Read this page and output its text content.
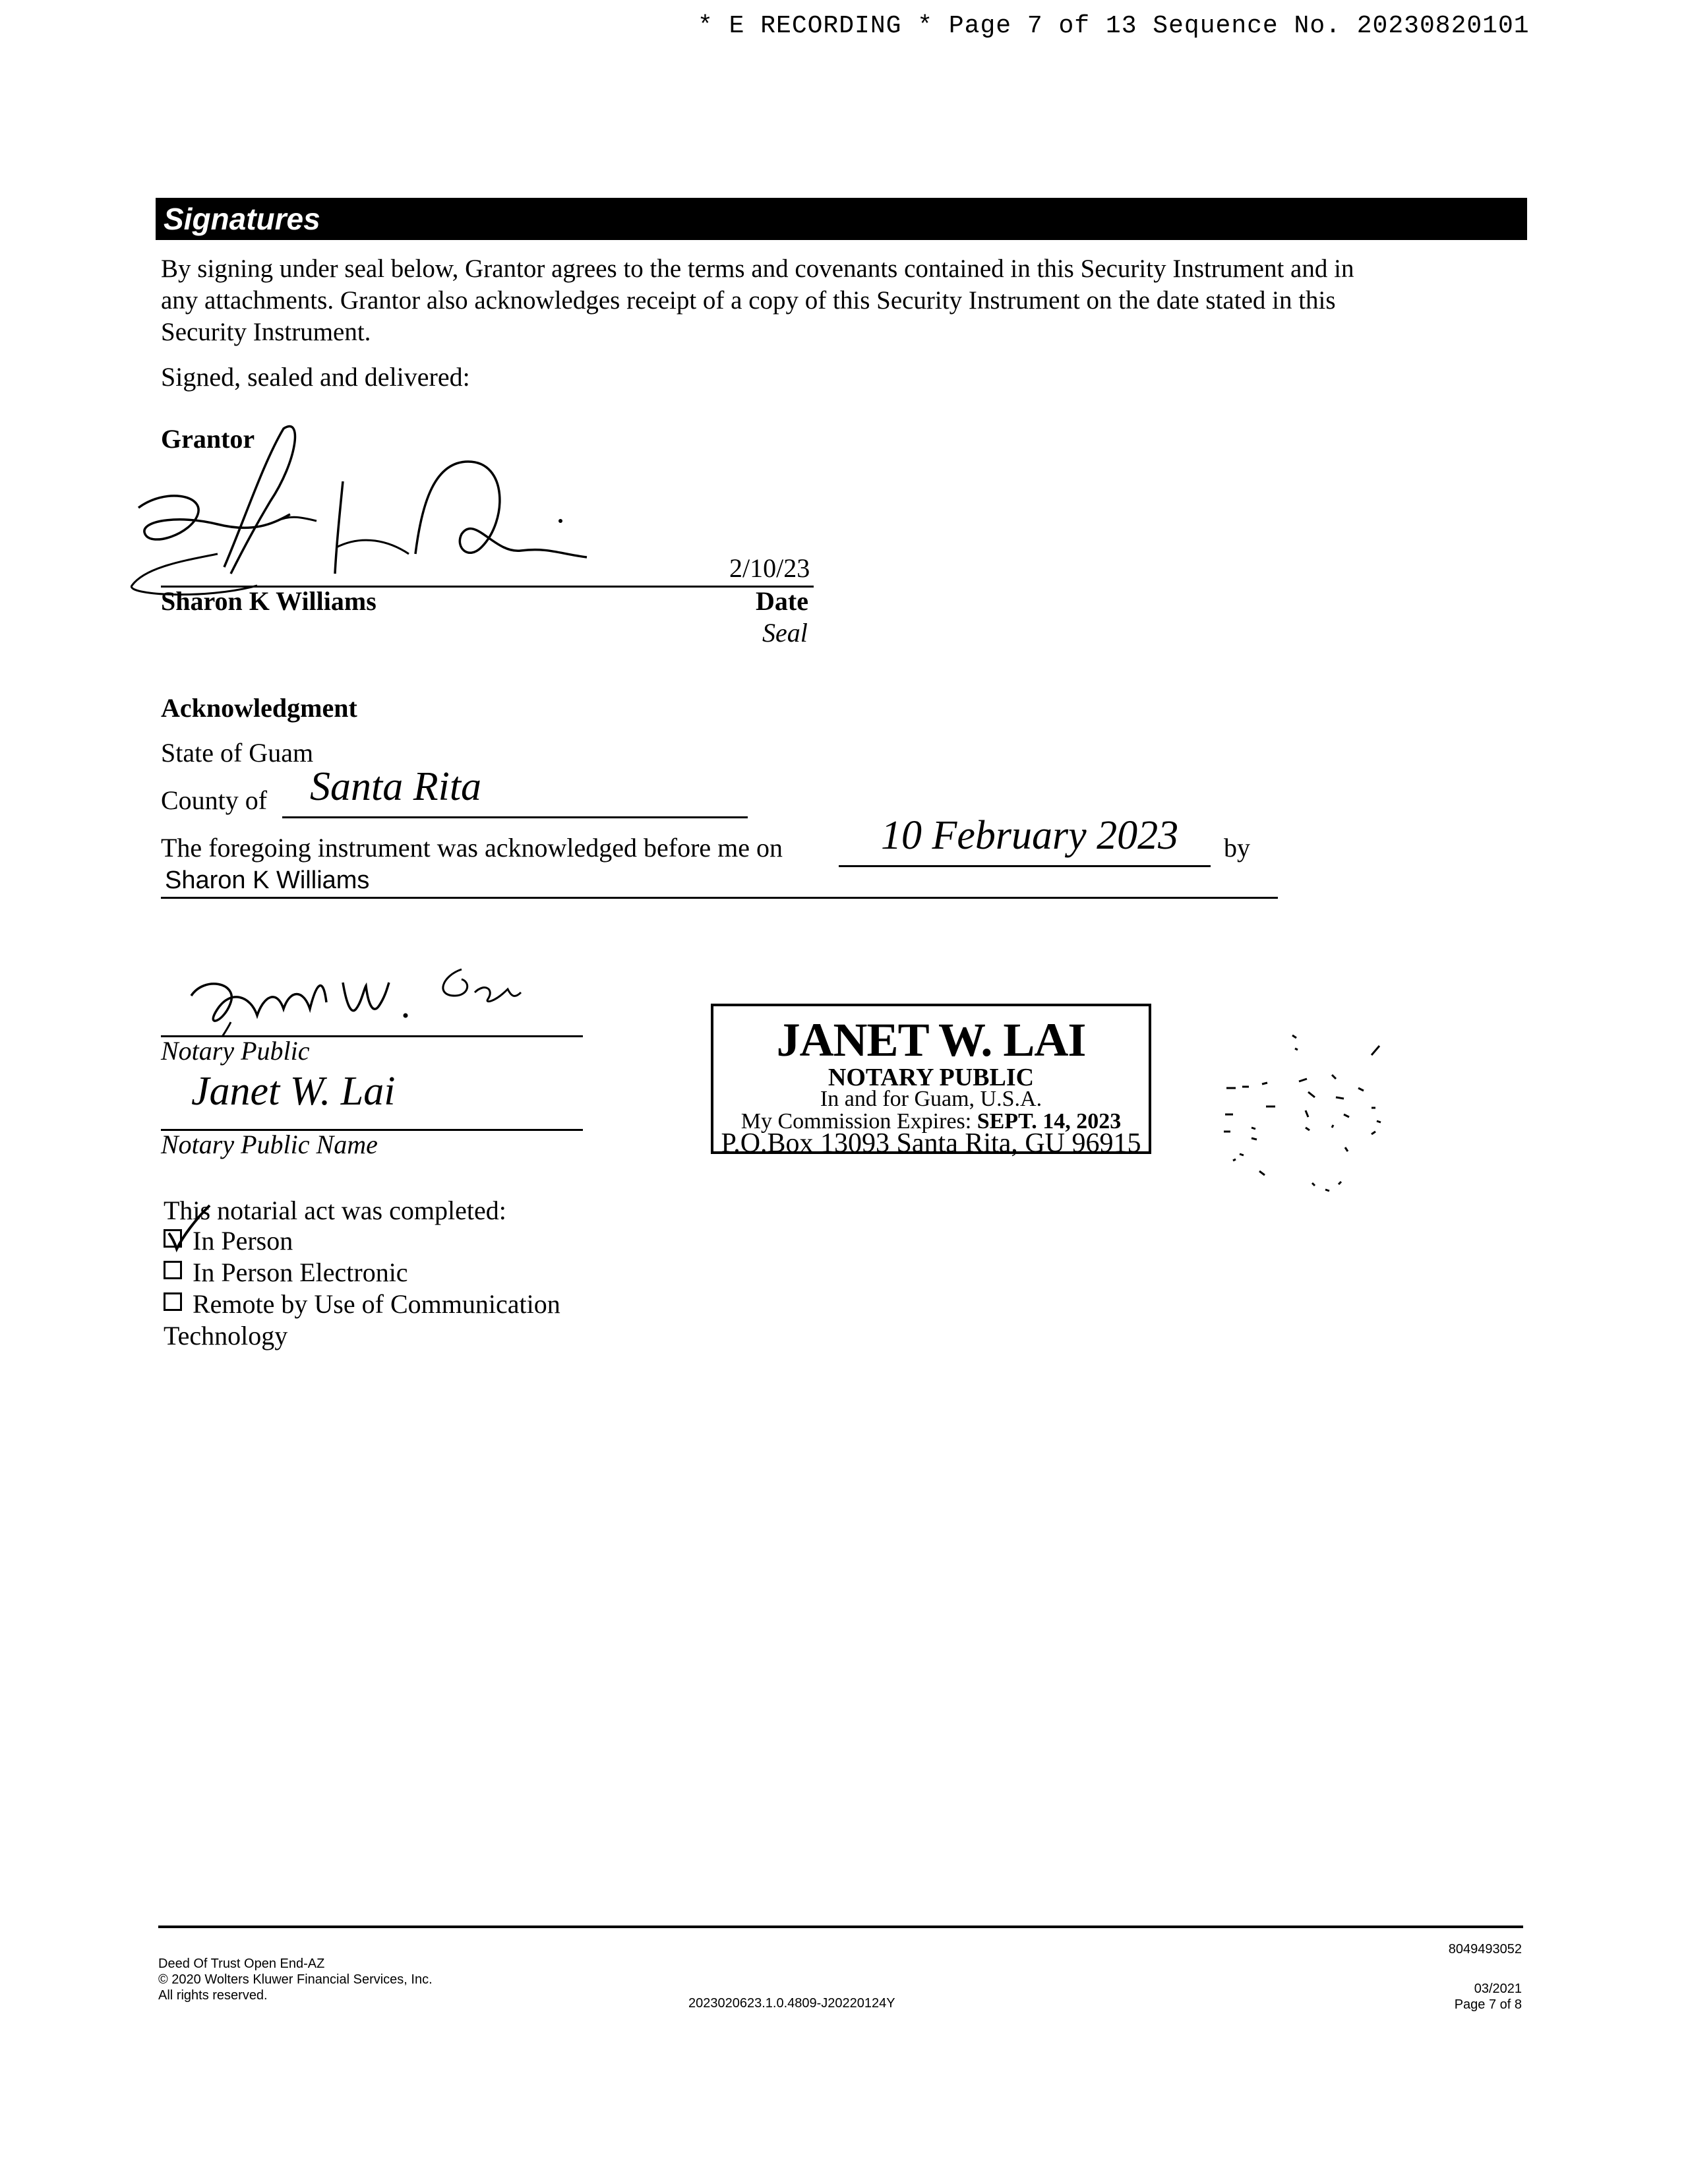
* E RECORDING * Page 7 of 13 Sequence No. 20230820101
Signatures

By signing under seal below, Grantor agrees to the terms and covenants contained in this Security Instrument and in

any attachments. Grantor also acknowledges receipt of a copy of this Security Instrument on the date stated in this

Security Instrument.

Signed, sealed and delivered:
Grantor
2/10/23
Sharon K Williams	Date
Seal
Acknowledgment
State of Guam
County of Santa Rita
The foregoing instrument was acknowledged before me on 10 February 2023 by
Sharon K Williams
Notary Public
Janet W. Lai
Notary Public Name
JANET W. LAI
NOTARY PUBLIC
In and for Guam, U.S.A.
My Commission Expires: SEPT. 14, 2023
P.O.Box 13093 Santa Rita, GU 96915
This notarial act was completed:
In Person
In Person Electronic
Remote by Use of Communication
Technology
Deed Of Trust Open End-AZ
© 2020 Wolters Kluwer Financial Services, Inc.
All rights reserved.
2023020623.1.0.4809-J20220124Y
8049493052
03/2021
Page 7 of 8
